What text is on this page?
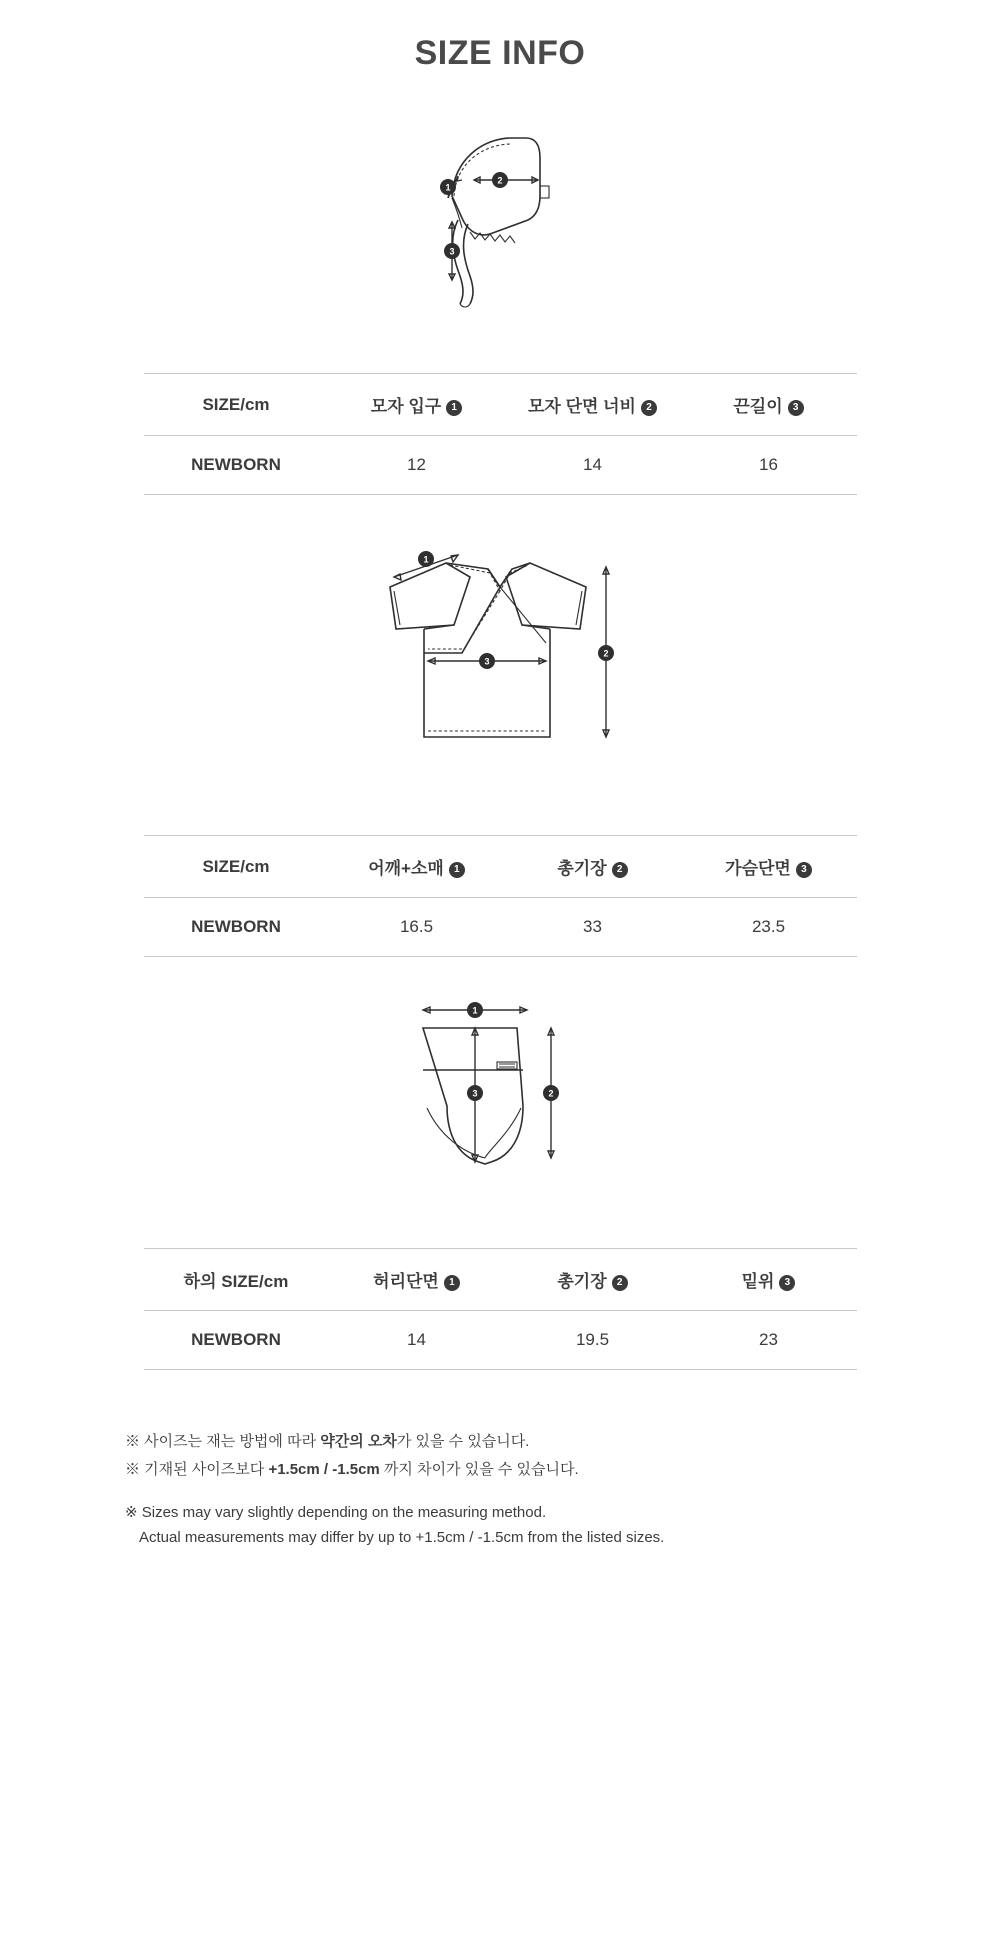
SIZE INFO
1
2
3
SIZE/cm	모자 입구 1	모자 단면 너비 2	끈길이 3
NEWBORN	12	14	16
1
2
3
SIZE/cm	어깨+소매 1	총기장 2	가슴단면 3
NEWBORN	16.5	33	23.5
1
2
3
하의 SIZE/cm	허리단면 1	총기장 2	밑위 3
NEWBORN	14	19.5	23
※ 사이즈는 재는 방법에 따라 약간의 오차가 있을 수 있습니다.
※ 기재된 사이즈보다 +1.5cm / -1.5cm 까지 차이가 있을 수 있습니다.
※ Sizes may vary slightly depending on the measuring method.
Actual measurements may differ by up to +1.5cm / -1.5cm from the listed sizes.
